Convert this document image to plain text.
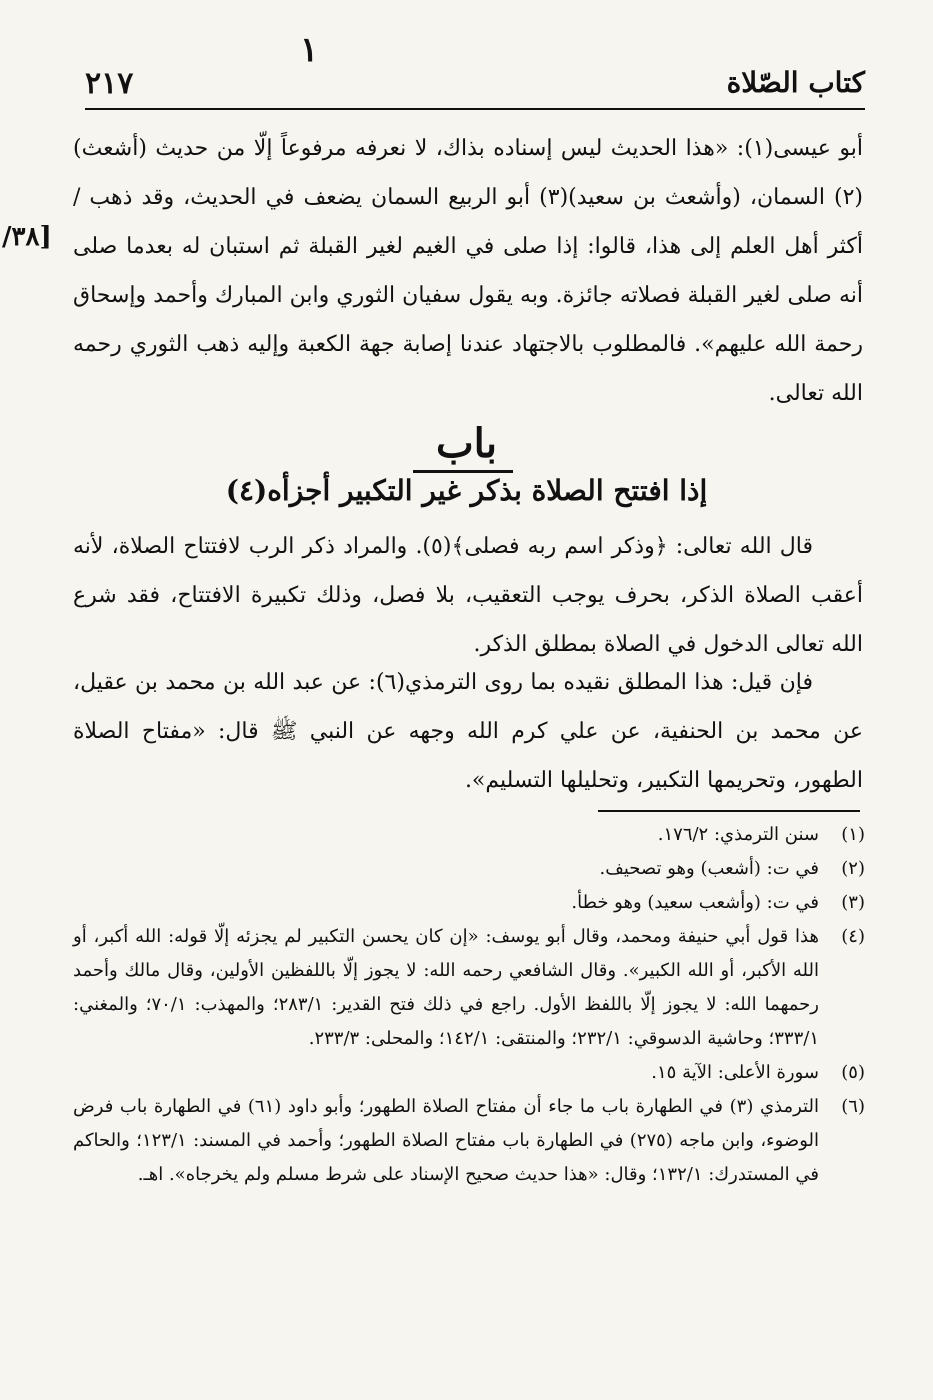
١
كتاب الصّلاة
٢١٧
[٣٨/

أبو عيسى(١): «هذا الحديث ليس إسناده بذاك، لا نعرفه مرفوعاً إلّا من حديث (أشعث)(٢) السمان، (وأشعث بن سعيد)(٣) أبو الربيع السمان يضعف في الحديث، وقد ذهب / أكثر أهل العلم إلى هذا، قالوا: إذا صلى في الغيم لغير القبلة ثم استبان له بعدما صلى أنه صلى لغير القبلة فصلاته جائزة. وبه يقول سفيان الثوري وابن المبارك وأحمد وإسحاق رحمة الله عليهم». فالمطلوب بالاجتهاد عندنا إصابة جهة الكعبة وإليه ذهب الثوري رحمه الله تعالى.

باب
إذا افتتح الصلاة بذكر غير التكبير أجزأه(٤)

قال الله تعالى: ﴿وذكر اسم ربه فصلى﴾(٥). والمراد ذكر الرب لافتتاح الصلاة، لأنه أعقب الصلاة الذكر، بحرف يوجب التعقيب، بلا فصل، وذلك تكبيرة الافتتاح، فقد شرع الله تعالى الدخول في الصلاة بمطلق الذكر.

فإن قيل: هذا المطلق نقيده بما روى الترمذي(٦): عن عبد الله بن محمد بن عقيل، عن محمد بن الحنفية، عن علي كرم الله وجهه عن النبي ﷺ قال: «مفتاح الصلاة الطهور، وتحريمها التكبير، وتحليلها التسليم».

(١)
سنن الترمذي: ١٧٦/٢.
(٢)
في ت: (أشعب) وهو تصحيف.
(٣)
في ت: (وأشعب سعيد) وهو خطأ.
(٤)
هذا قول أبي حنيفة ومحمد، وقال أبو يوسف: «إن كان يحسن التكبير لم يجزئه إلّا قوله: الله أكبر، أو الله الأكبر، أو الله الكبير». وقال الشافعي رحمه الله: لا يجوز إلّا باللفظين الأولين، وقال مالك وأحمد رحمهما الله: لا يجوز إلّا باللفظ الأول. راجع في ذلك فتح القدير: ٢٨٣/١؛ والمهذب: ٧٠/١؛ والمغني: ٣٣٣/١؛ وحاشية الدسوقي: ٢٣٢/١؛ والمنتقى: ١٤٢/١؛ والمحلى: ٢٣٣/٣.
(٥)
سورة الأعلى: الآية ١٥.
(٦)
الترمذي (٣) في الطهارة باب ما جاء أن مفتاح الصلاة الطهور؛ وأبو داود (٦١) في الطهارة باب فرض الوضوء، وابن ماجه (٢٧٥) في الطهارة باب مفتاح الصلاة الطهور؛ وأحمد في المسند: ١٢٣/١؛ والحاكم في المستدرك: ١٣٢/١؛ وقال: «هذا حديث صحيح الإسناد على شرط مسلم ولم يخرجاه». اهـ.
